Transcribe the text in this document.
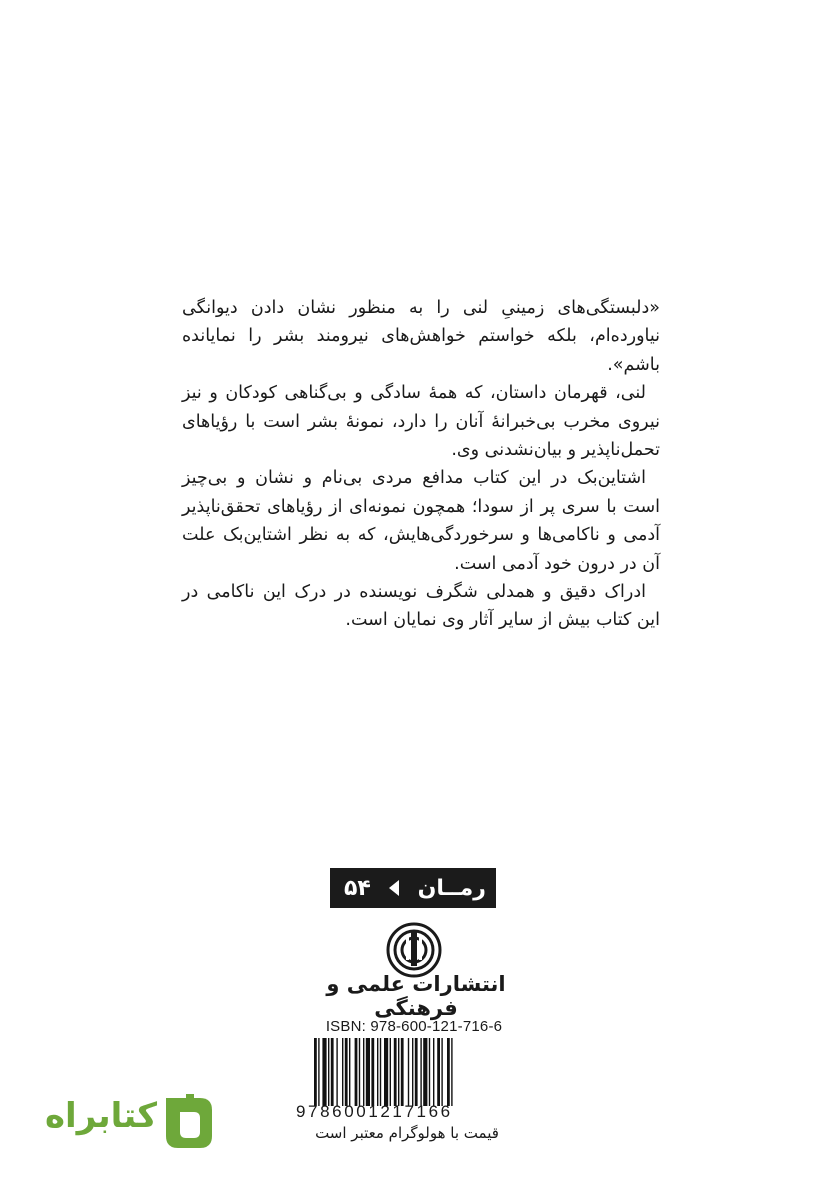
«دلبستگی‌های زمینیِ لنی را به منظور نشان دادن دیوانگی نیاورده‌ام، بلکه خواستم خواهش‌های نیرومند بشر را نمایانده باشم».

لنی، قهرمان داستان، که همهٔ سادگی و بی‌گناهی کودکان و نیز نیروی مخرب بی‌خبرانهٔ آنان را دارد، نمونهٔ بشر است با رؤیاهای تحمل‌ناپذیر و بیان‌نشدنی وی.

اشتاین‌بک در این کتاب مدافع مردی بی‌نام و نشان و بی‌چیز است با سری پر از سودا؛ همچون نمونه‌ای از رؤیاهای تحقق‌ناپذیر آدمی و ناکامی‌ها و سرخوردگی‌هایش، که به نظر اشتاین‌بک علت آن در درون خود آدمی است.

ادراک دقیق و همدلی شگرف نویسنده در درک این ناکامی در این کتاب بیش از سایر آثار وی نمایان است.

۵۴ رمــان
انتشارات علمی و فرهنگی
ISBN: 978-600-121-716-6
9786001217166
قیمت با هولوگرام معتبر است
کتابراه
